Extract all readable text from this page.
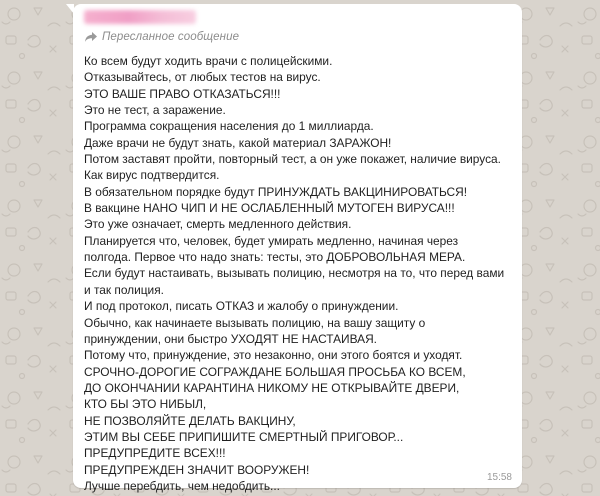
Пересланное сообщение
Ко всем будут ходить врачи с полицейскими.
Отказывайтесь, от любых тестов на вирус.
ЭТО ВАШЕ ПРАВО ОТКАЗАТЬСЯ!!!
Это не тест, а заражение.
Программа сокращения населения до 1 миллиарда.
Даже врачи не будут знать, какой материал ЗАРАЖОН!
Потом заставят пройти, повторный тест, а он уже покажет, наличие вируса.
Как вирус подтвердится.
В обязательном порядке будут ПРИНУЖДАТЬ ВАКЦИНИРОВАТЬСЯ!
В вакцине НАНО ЧИП И НЕ ОСЛАБЛЕННЫЙ МУТОГЕН ВИРУСА!!!
Это уже означает, смерть медленного действия.
Планируется что, человек, будет умирать медленно, начиная через
полгода. Первое что надо знать: тесты, это ДОБРОВОЛЬНАЯ МЕРА.
Если будут настаивать, вызывать полицию, несмотря на то, что перед вами
и так полиция.
И под протокол, писать ОТКАЗ и жалобу о принуждении.
Обычно, как начинаете вызывать полицию, на вашу защиту о
принуждении, они быстро УХОДЯТ НЕ НАСТАИВАЯ.
Потому что, принуждение, это незаконно, они этого боятся и уходят.
СРОЧНО-ДОРОГИЕ СОГРАЖДАНЕ БОЛЬШАЯ ПРОСЬБА КО ВСЕМ,
ДО ОКОНЧАНИИ КАРАНТИНА НИКОМУ НЕ ОТКРЫВАЙТЕ ДВЕРИ,
КТО БЫ ЭТО НИБЫЛ,
НЕ ПОЗВОЛЯЙТЕ ДЕЛАТЬ ВАКЦИНУ,
ЭТИМ ВЫ СЕБЕ ПРИПИШИТЕ СМЕРТНЫЙ ПРИГОВОР...
ПРЕДУПРЕДИТЕ ВСЕХ!!!
ПРЕДУПРЕЖДЕН ЗНАЧИТ ВООРУЖЕН!
Лучше перебдить, чем недобдить...
15:58
